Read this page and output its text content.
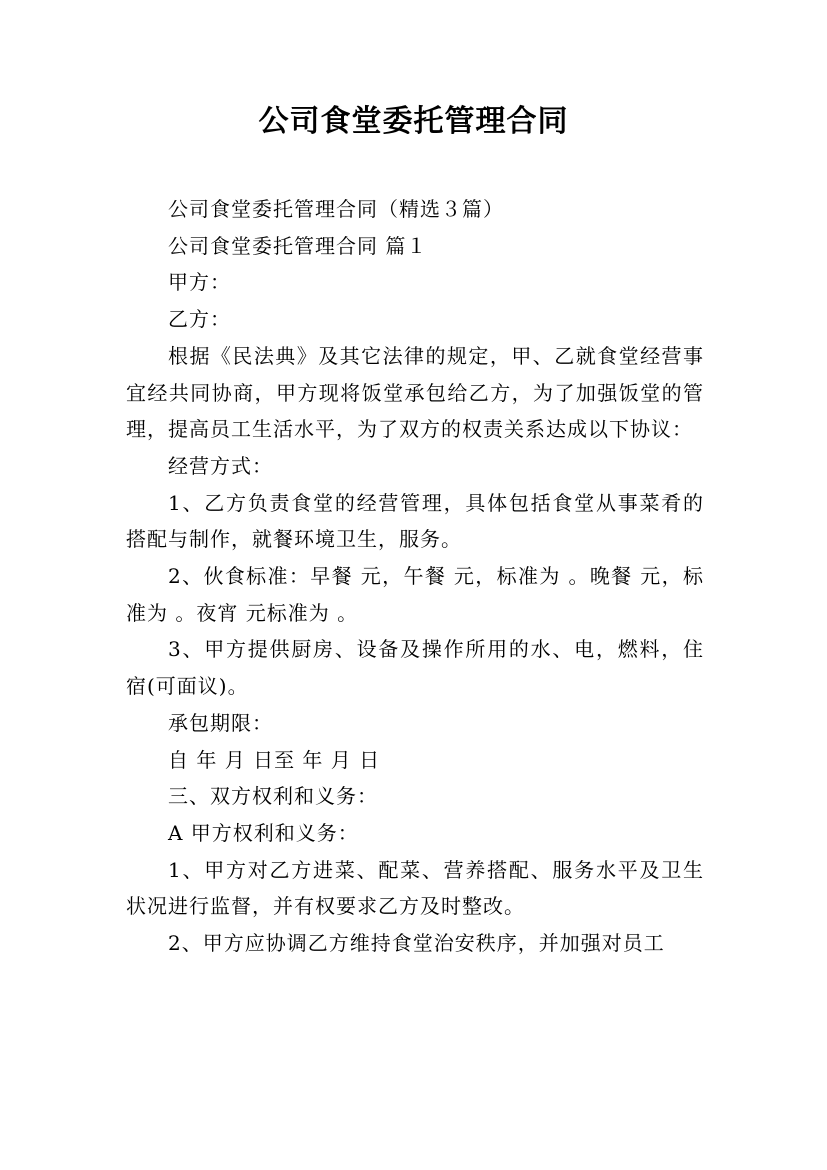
公司食堂委托管理合同

公司食堂委托管理合同（精选３篇）

公司食堂委托管理合同 篇１

甲方：

乙方：

根据《民法典》及其它法律的规定，甲、乙就食堂经营事宜经共同协商，甲方现将饭堂承包给乙方，为了加强饭堂的管理，提高员工生活水平，为了双方的权责关系达成以下协议：

经营方式：

1、乙方负责食堂的经营管理，具体包括食堂从事菜肴的搭配与制作，就餐环境卫生，服务。

2、伙食标准：早餐 元，午餐 元，标准为 。晚餐 元，标准为 。夜宵 元标准为 。

3、甲方提供厨房、设备及操作所用的水、电，燃料，住宿(可面议)。

承包期限：

自 年 月 日至 年 月 日

三、双方权利和义务：

A 甲方权利和义务：

1、甲方对乙方进菜、配菜、营养搭配、服务水平及卫生状况进行监督，并有权要求乙方及时整改。

2、甲方应协调乙方维持食堂治安秩序，并加强对员工
